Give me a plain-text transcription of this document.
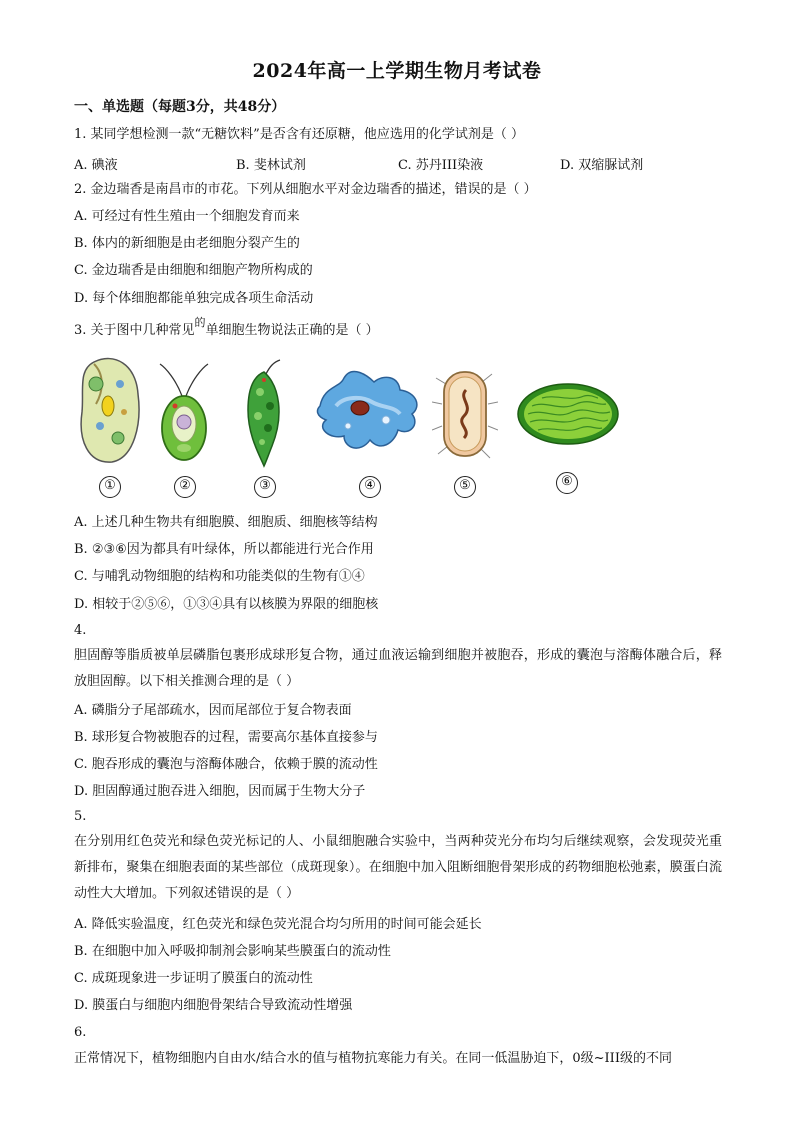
2024年高一上学期生物月考试卷
一、单选题（每题3分，共48分）
1. 某同学想检测一款“无糖饮料”是否含有还原糖，他应选用的化学试剂是（ ）
A. 碘液	B. 斐林试剂	C. 苏丹III染液	D. 双缩脲试剂
2. 金边瑞香是南昌市的市花。下列从细胞水平对金边瑞香的描述，错误的是（ ）
A. 可经过有性生殖由一个细胞发育而来
B. 体内的新细胞是由老细胞分裂产生的
C. 金边瑞香是由细胞和细胞产物所构成的
D. 每个体细胞都能单独完成各项生命活动
3. 关于图中几种常见$^的$单细胞生物说法正确的是（ ）
①	②	③	④	⑤	⑥
A. 上述几种生物共有细胞膜、细胞质、细胞核等结构
B. ②③⑥因为都具有叶绿体，所以都能进行光合作用
C. 与哺乳动物细胞的结构和功能类似的生物有①④
D. 相较于②⑤⑥，①③④具有以核膜为界限的细胞核
4.
胆固醇等脂质被单层磷脂包裹形成球形复合物，通过血液运输到细胞并被胞吞，形成的囊泡与溶酶体融合后，释放胆固醇。以下相关推测合理的是（ ）
A. 磷脂分子尾部疏水，因而尾部位于复合物表面
B. 球形复合物被胞吞的过程，需要高尔基体直接参与
C. 胞吞形成的囊泡与溶酶体融合，依赖于膜的流动性
D. 胆固醇通过胞吞进入细胞，因而属于生物大分子
5.
在分别用红色荧光和绿色荧光标记的人、小鼠细胞融合实验中，当两种荧光分布均匀后继续观察，会发现荧光重新排布，聚集在细胞表面的某些部位（成斑现象）。在细胞中加入阻断细胞骨架形成的药物细胞松弛素，膜蛋白流动性大大增加。下列叙述错误的是（ ）
A. 降低实验温度，红色荧光和绿色荧光混合均匀所用的时间可能会延长
B. 在细胞中加入呼吸抑制剂会影响某些膜蛋白的流动性
C. 成斑现象进一步证明了膜蛋白的流动性
D. 膜蛋白与细胞内细胞骨架结合导致流动性增强
6.
正常情况下，植物细胞内自由水/结合水的值与植物抗寒能力有关。在同一低温胁迫下，0级~III级的不同
